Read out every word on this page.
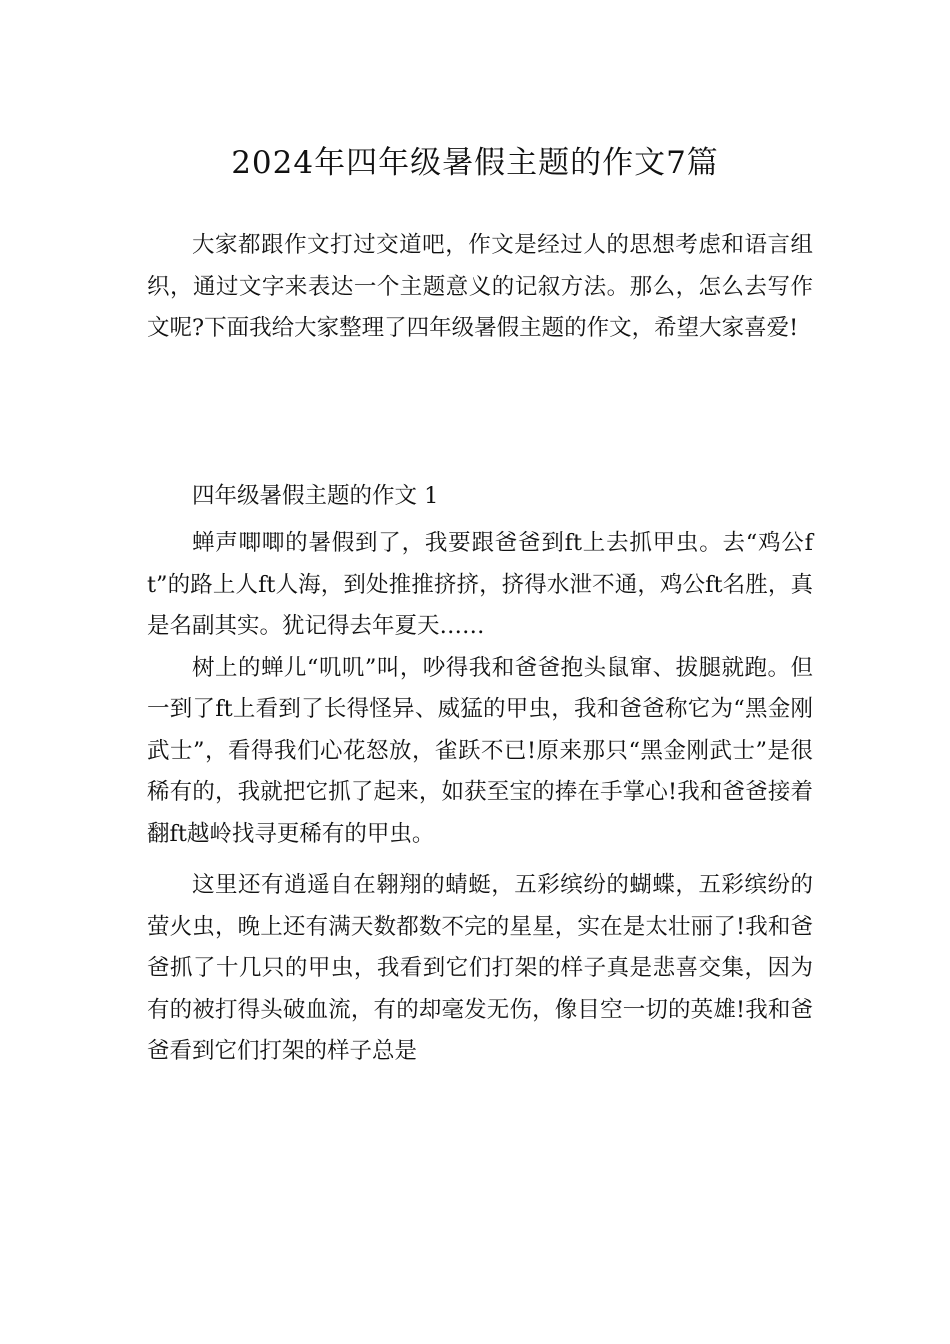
2024年四年级暑假主题的作文7篇

大家都跟作文打过交道吧，作文是经过人的思想考虑和语言组织，通过文字来表达一个主题意义的记叙方法。那么，怎么去写作文呢?下面我给大家整理了四年级暑假主题的作文，希望大家喜爱!

四年级暑假主题的作文 1

蝉声唧唧的暑假到了，我要跟爸爸到ft上去抓甲虫。去“鸡公ft”的路上人ft人海，到处推推挤挤，挤得水泄不通，鸡公ft名胜，真是名副其实。犹记得去年夏天……

树上的蝉儿“叽叽”叫，吵得我和爸爸抱头鼠窜、拔腿就跑。但一到了ft上看到了长得怪异、威猛的甲虫，我和爸爸称它为“黑金刚武士”，看得我们心花怒放，雀跃不已!原来那只“黑金刚武士”是很稀有的，我就把它抓了起来，如获至宝的捧在手掌心!我和爸爸接着翻ft越岭找寻更稀有的甲虫。

这里还有逍遥自在翱翔的蜻蜓，五彩缤纷的蝴蝶，五彩缤纷的萤火虫，晚上还有满天数都数不完的星星，实在是太壮丽了!我和爸爸抓了十几只的甲虫，我看到它们打架的样子真是悲喜交集，因为有的被打得头破血流，有的却毫发无伤，像目空一切的英雄!我和爸爸看到它们打架的样子总是
